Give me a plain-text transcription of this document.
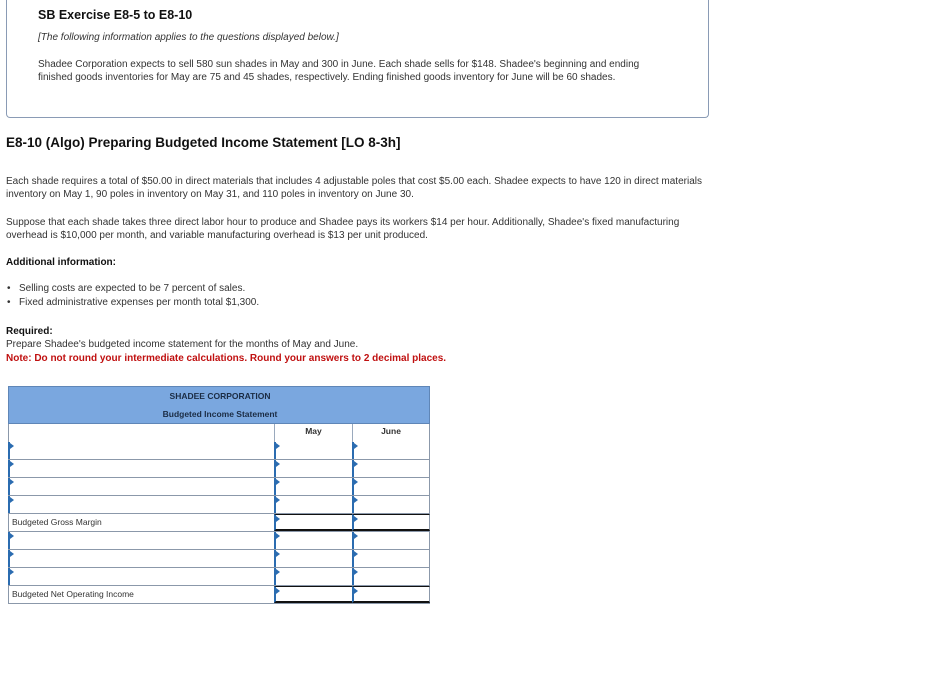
SB Exercise E8-5 to E8-10
[The following information applies to the questions displayed below.]
Shadee Corporation expects to sell 580 sun shades in May and 300 in June. Each shade sells for $148. Shadee's beginning and ending finished goods inventories for May are 75 and 45 shades, respectively. Ending finished goods inventory for June will be 60 shades.
E8-10 (Algo) Preparing Budgeted Income Statement [LO 8-3h]
Each shade requires a total of $50.00 in direct materials that includes 4 adjustable poles that cost $5.00 each. Shadee expects to have 120 in direct materials inventory on May 1, 90 poles in inventory on May 31, and 110 poles in inventory on June 30.
Suppose that each shade takes three direct labor hour to produce and Shadee pays its workers $14 per hour. Additionally, Shadee's fixed manufacturing overhead is $10,000 per month, and variable manufacturing overhead is $13 per unit produced.
Additional information:
• Selling costs are expected to be 7 percent of sales.
• Fixed administrative expenses per month total $1,300.
Required:
Prepare Shadee's budgeted income statement for the months of May and June.
Note: Do not round your intermediate calculations. Round your answers to 2 decimal places.
SHADEE CORPORATION
Budgeted Income Statement
May	June
Budgeted Gross Margin
Budgeted Net Operating Income
